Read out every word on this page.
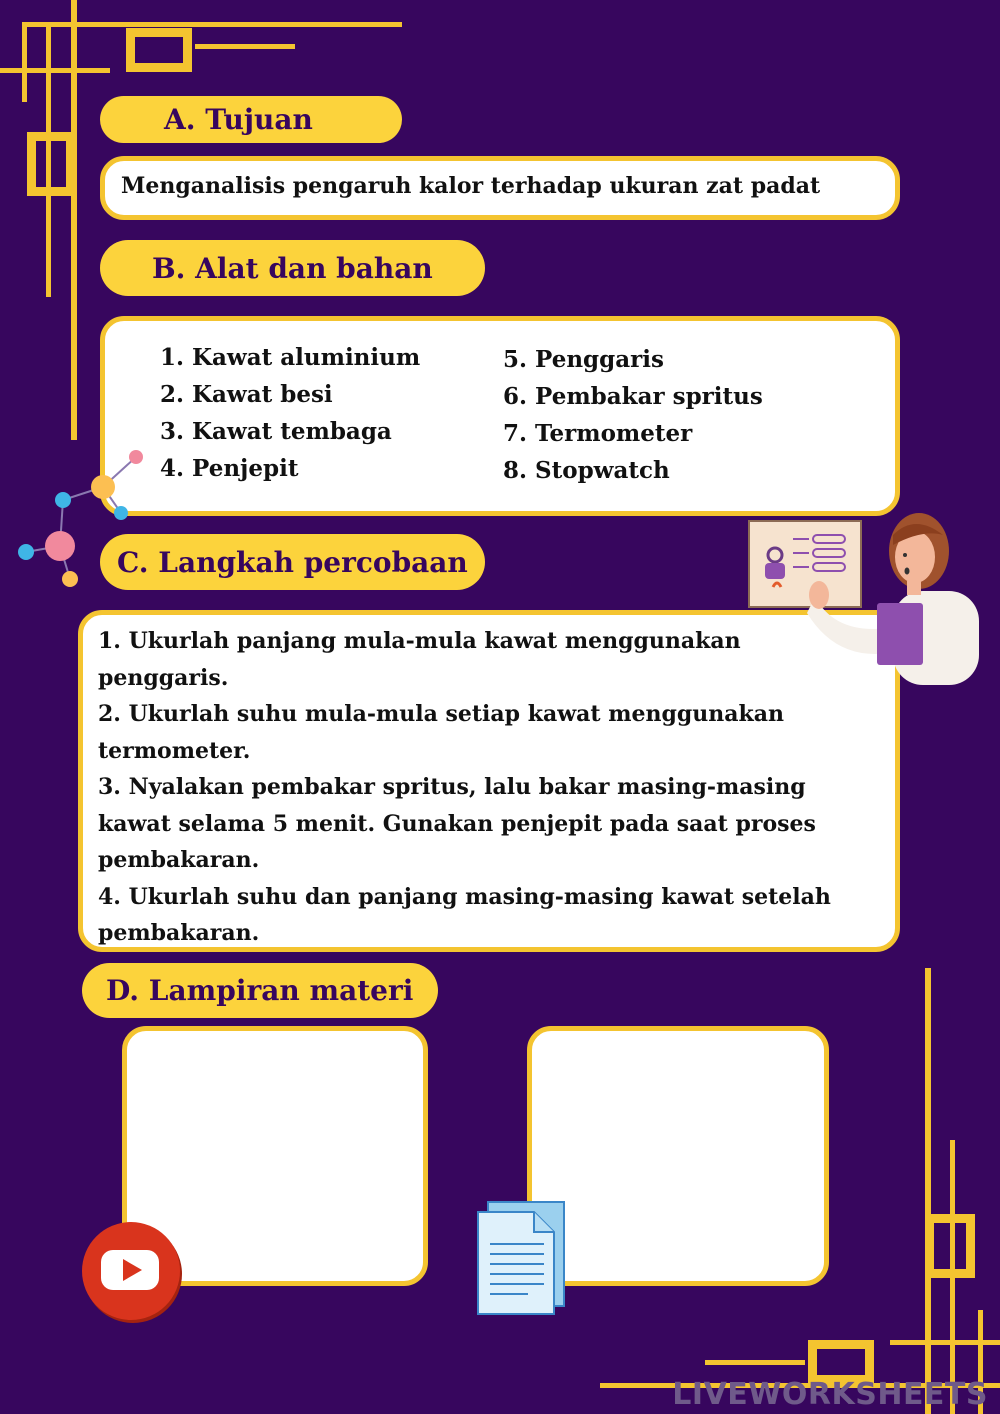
A. Tujuan
Menganalisis pengaruh kalor terhadap ukuran zat padat
B. Alat dan bahan
1. Kawat aluminium
2. Kawat besi
3. Kawat tembaga
4. Penjepit
5. Penggaris
6. Pembakar spritus
7. Termometer
8. Stopwatch
C. Langkah percobaan

1. Ukurlah panjang mula-mula kawat menggunakan penggaris.

2. Ukurlah suhu mula-mula setiap kawat menggunakan termometer.

3. Nyalakan pembakar spritus, lalu bakar masing-masing kawat selama 5 menit. Gunakan penjepit pada saat proses pembakaran.

4. Ukurlah suhu dan panjang masing-masing kawat setelah pembakaran.

D. Lampiran materi
LIVEWORKSHEETS
